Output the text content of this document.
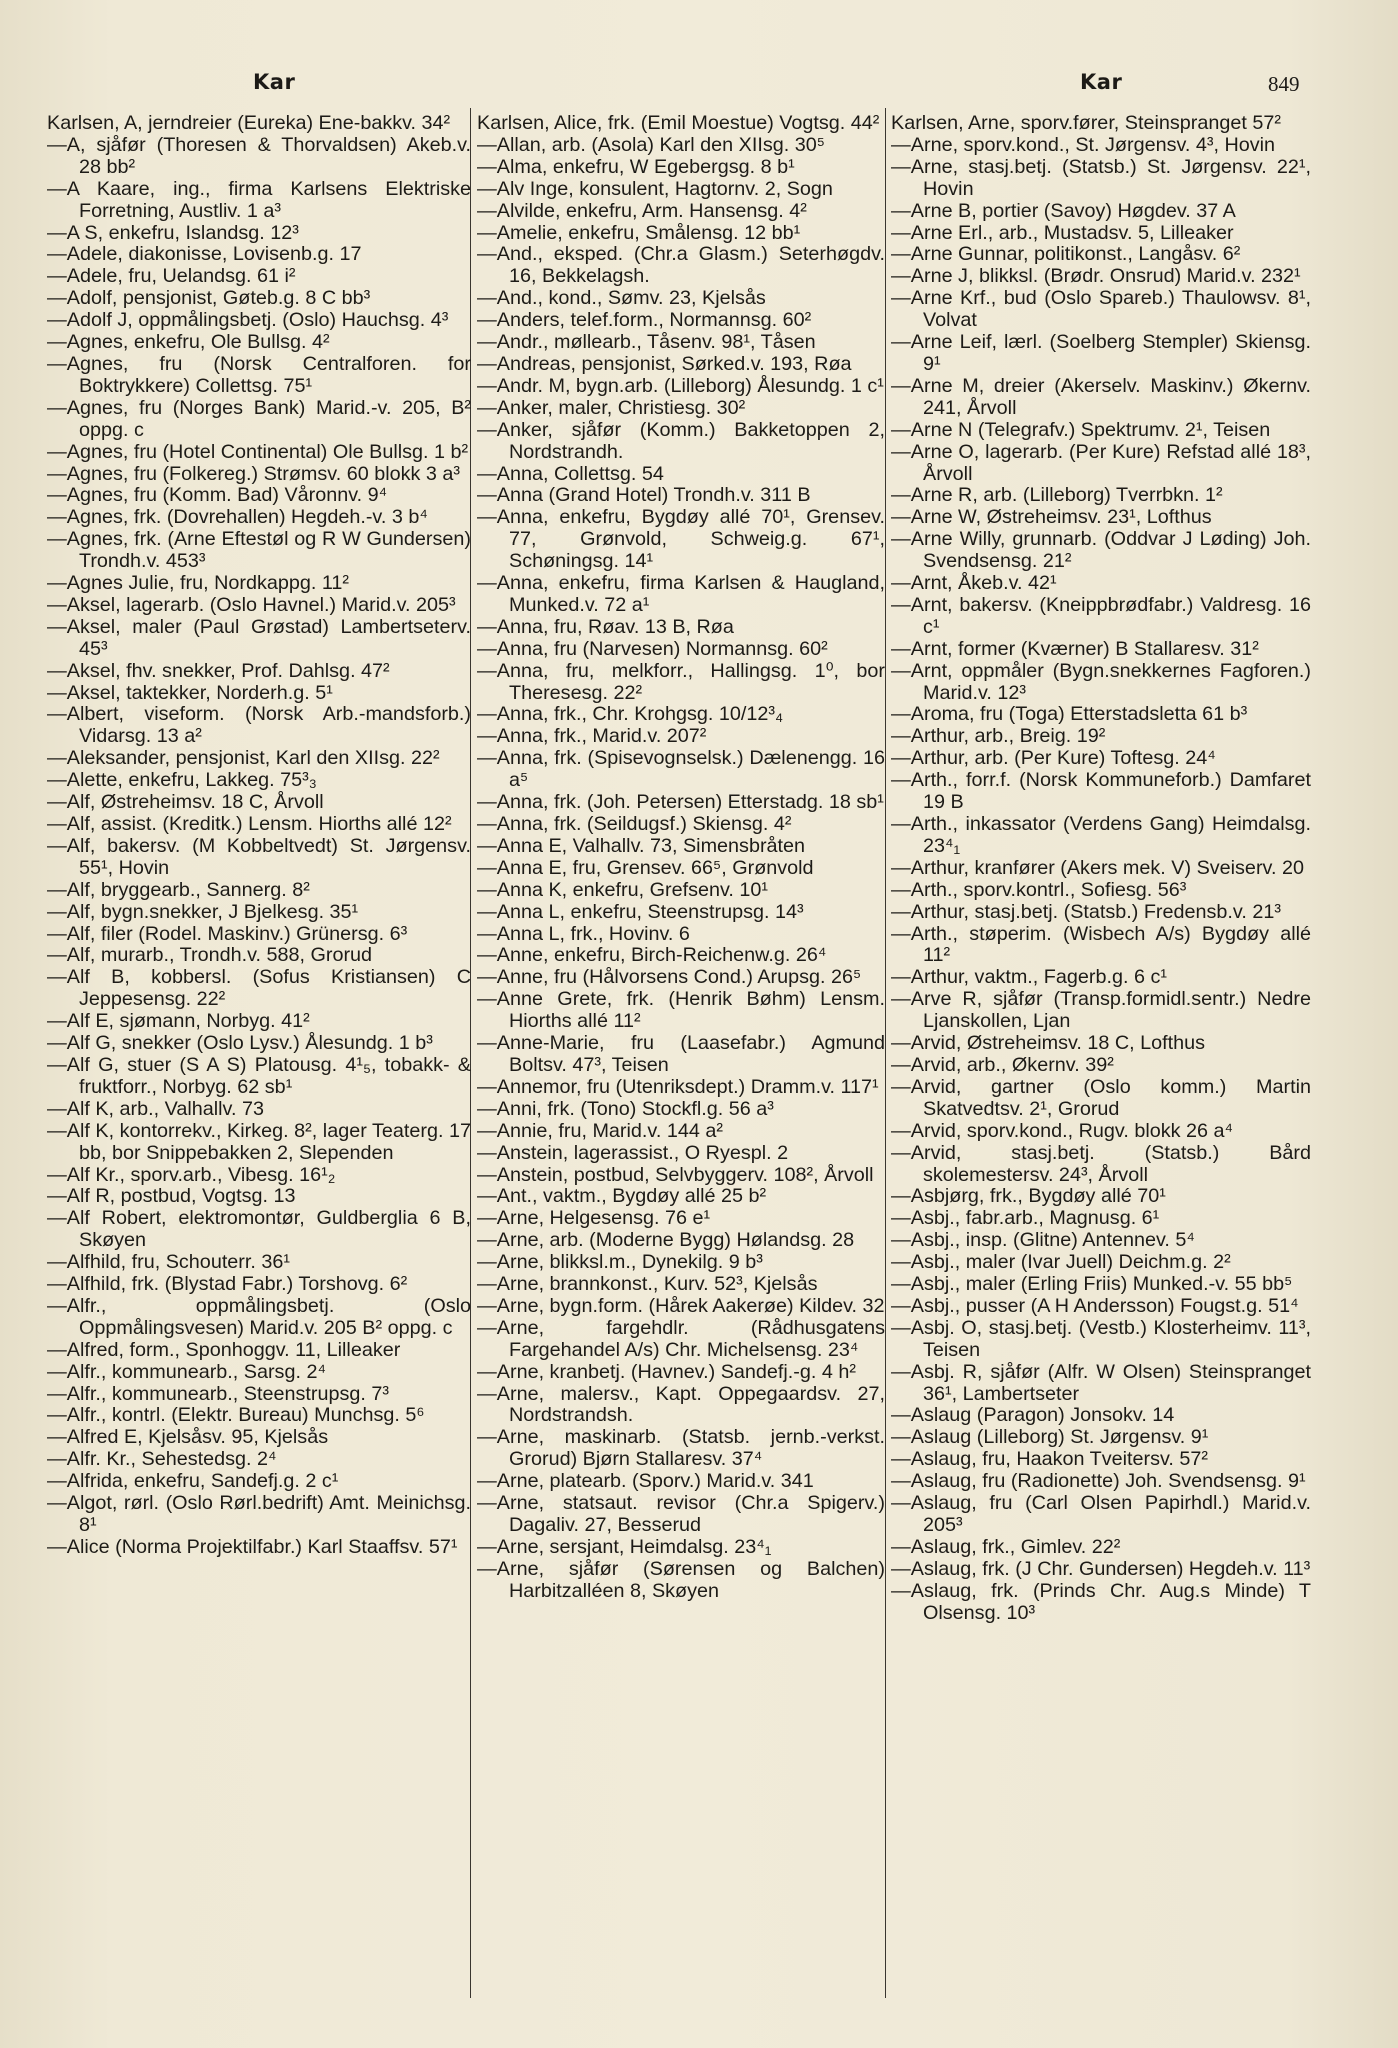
Kar	Kar	849

Karlsen, A, jerndreier (Eureka) Ene-bakkv. 34²

—A, sjåfør (Thoresen & Thorvaldsen) Akeb.v. 28 bb²

—A Kaare, ing., firma Karlsens Elektriske Forretning, Austliv. 1 a³

—A S, enkefru, Islandsg. 12³

—Adele, diakonisse, Lovisenb.g. 17

—Adele, fru, Uelandsg. 61 i²

—Adolf, pensjonist, Gøteb.g. 8 C bb³

—Adolf J, oppmålingsbetj. (Oslo) Hauchsg. 4³

—Agnes, enkefru, Ole Bullsg. 4²

—Agnes, fru (Norsk Centralforen. for Boktrykkere) Collettsg. 75¹

—Agnes, fru (Norges Bank) Marid.-v. 205, B² oppg. c

—Agnes, fru (Hotel Continental) Ole Bullsg. 1 b²

—Agnes, fru (Folkereg.) Strømsv. 60 blokk 3 a³

—Agnes, fru (Komm. Bad) Våronnv. 9⁴

—Agnes, frk. (Dovrehallen) Hegdeh.-v. 3 b⁴

—Agnes, frk. (Arne Eftestøl og R W Gundersen) Trondh.v. 453³

—Agnes Julie, fru, Nordkappg. 11²

—Aksel, lagerarb. (Oslo Havnel.) Marid.v. 205³

—Aksel, maler (Paul Grøstad) Lambertseterv. 45³

—Aksel, fhv. snekker, Prof. Dahlsg. 47²

—Aksel, taktekker, Norderh.g. 5¹

—Albert, viseform. (Norsk Arb.-mandsforb.) Vidarsg. 13 a²

—Aleksander, pensjonist, Karl den XIIsg. 22²

—Alette, enkefru, Lakkeg. 75³₃

—Alf, Østreheimsv. 18 C, Årvoll

—Alf, assist. (Kreditk.) Lensm. Hiorths allé 12²

—Alf, bakersv. (M Kobbeltvedt) St. Jørgensv. 55¹, Hovin

—Alf, bryggearb., Sannerg. 8²

—Alf, bygn.snekker, J Bjelkesg. 35¹

—Alf, filer (Rodel. Maskinv.) Grünersg. 6³

—Alf, murarb., Trondh.v. 588, Grorud

—Alf B, kobbersl. (Sofus Kristiansen) C Jeppesensg. 22²

—Alf E, sjømann, Norbyg. 41²

—Alf G, snekker (Oslo Lysv.) Ålesundg. 1 b³

—Alf G, stuer (S A S) Platousg. 4¹₅, tobakk- & fruktforr., Norbyg. 62 sb¹

—Alf K, arb., Valhallv. 73

—Alf K, kontorrekv., Kirkeg. 8², lager Teaterg. 17 bb, bor Snippebakken 2, Slependen

—Alf Kr., sporv.arb., Vibesg. 16¹₂

—Alf R, postbud, Vogtsg. 13

—Alf Robert, elektromontør, Guldberglia 6 B, Skøyen

—Alfhild, fru, Schouterr. 36¹

—Alfhild, frk. (Blystad Fabr.) Torshovg. 6²

—Alfr., oppmålingsbetj. (Oslo Oppmålingsvesen) Marid.v. 205 B² oppg. c

—Alfred, form., Sponhoggv. 11, Lilleaker

—Alfr., kommunearb., Sarsg. 2⁴

—Alfr., kommunearb., Steenstrupsg. 7³

—Alfr., kontrl. (Elektr. Bureau) Munchsg. 5⁶

—Alfred E, Kjelsåsv. 95, Kjelsås

—Alfr. Kr., Sehestedsg. 2⁴

—Alfrida, enkefru, Sandefj.g. 2 c¹

—Algot, rørl. (Oslo Rørl.bedrift) Amt. Meinichsg. 8¹

—Alice (Norma Projektilfabr.) Karl Staaffsv. 57¹

Karlsen, Alice, frk. (Emil Moestue) Vogtsg. 44²

—Allan, arb. (Asola) Karl den XIIsg. 30⁵

—Alma, enkefru, W Egebergsg. 8 b¹

—Alv Inge, konsulent, Hagtornv. 2, Sogn

—Alvilde, enkefru, Arm. Hansensg. 4²

—Amelie, enkefru, Smålensg. 12 bb¹

—And., eksped. (Chr.a Glasm.) Seterhøgdv. 16, Bekkelagsh.

—And., kond., Sømv. 23, Kjelsås

—Anders, telef.form., Normannsg. 60²

—Andr., møllearb., Tåsenv. 98¹, Tåsen

—Andreas, pensjonist, Sørked.v. 193, Røa

—Andr. M, bygn.arb. (Lilleborg) Ålesundg. 1 c¹

—Anker, maler, Christiesg. 30²

—Anker, sjåfør (Komm.) Bakketoppen 2, Nordstrandh.

—Anna, Collettsg. 54

—Anna (Grand Hotel) Trondh.v. 311 B

—Anna, enkefru, Bygdøy allé 70¹, Grensev. 77, Grønvold, Schweig.g. 67¹, Schøningsg. 14¹

—Anna, enkefru, firma Karlsen & Haugland, Munked.v. 72 a¹

—Anna, fru, Røav. 13 B, Røa

—Anna, fru (Narvesen) Normannsg. 60²

—Anna, fru, melkforr., Hallingsg. 1⁰, bor Theresesg. 22²

—Anna, frk., Chr. Krohgsg. 10/12³₄

—Anna, frk., Marid.v. 207²

—Anna, frk. (Spisevognselsk.) Dælenengg. 16 a⁵

—Anna, frk. (Joh. Petersen) Etterstadg. 18 sb¹

—Anna, frk. (Seildugsf.) Skiensg. 4²

—Anna E, Valhallv. 73, Simensbråten

—Anna E, fru, Grensev. 66⁵, Grønvold

—Anna K, enkefru, Grefsenv. 10¹

—Anna L, enkefru, Steenstrupsg. 14³

—Anna L, frk., Hovinv. 6

—Anne, enkefru, Birch-Reichenw.g. 26⁴

—Anne, fru (Hålvorsens Cond.) Arupsg. 26⁵

—Anne Grete, frk. (Henrik Bøhm) Lensm. Hiorths allé 11²

—Anne-Marie, fru (Laasefabr.) Agmund Boltsv. 47³, Teisen

—Annemor, fru (Utenriksdept.) Dramm.v. 117¹

—Anni, frk. (Tono) Stockfl.g. 56 a³

—Annie, fru, Marid.v. 144 a²

—Anstein, lagerassist., O Ryespl. 2

—Anstein, postbud, Selvbyggerv. 108², Årvoll

—Ant., vaktm., Bygdøy allé 25 b²

—Arne, Helgesensg. 76 e¹

—Arne, arb. (Moderne Bygg) Hølandsg. 28

—Arne, blikksl.m., Dynekilg. 9 b³

—Arne, brannkonst., Kurv. 52³, Kjelsås

—Arne, bygn.form. (Hårek Aakerøe) Kildev. 32

—Arne, fargehdlr. (Rådhusgatens Fargehandel A/s) Chr. Michelsensg. 23⁴

—Arne, kranbetj. (Havnev.) Sandefj.-g. 4 h²

—Arne, malersv., Kapt. Oppegaardsv. 27, Nordstrandsh.

—Arne, maskinarb. (Statsb. jernb.-verkst. Grorud) Bjørn Stallaresv. 37⁴

—Arne, platearb. (Sporv.) Marid.v. 341

—Arne, statsaut. revisor (Chr.a Spigerv.) Dagaliv. 27, Besserud

—Arne, sersjant, Heimdalsg. 23⁴₁

—Arne, sjåfør (Sørensen og Balchen) Harbitzalléen 8, Skøyen

Karlsen, Arne, sporv.fører, Steinspranget 57²

—Arne, sporv.kond., St. Jørgensv. 4³, Hovin

—Arne, stasj.betj. (Statsb.) St. Jørgensv. 22¹, Hovin

—Arne B, portier (Savoy) Høgdev. 37 A

—Arne Erl., arb., Mustadsv. 5, Lilleaker

—Arne Gunnar, politikonst., Langåsv. 6²

—Arne J, blikksl. (Brødr. Onsrud) Marid.v. 232¹

—Arne Krf., bud (Oslo Spareb.) Thaulowsv. 8¹, Volvat

—Arne Leif, lærl. (Soelberg Stempler) Skiensg. 9¹

—Arne M, dreier (Akerselv. Maskinv.) Økernv. 241, Årvoll

—Arne N (Telegrafv.) Spektrumv. 2¹, Teisen

—Arne O, lagerarb. (Per Kure) Refstad allé 18³, Årvoll

—Arne R, arb. (Lilleborg) Tverrbkn. 1²

—Arne W, Østreheimsv. 23¹, Lofthus

—Arne Willy, grunnarb. (Oddvar J Løding) Joh. Svendsensg. 21²

—Arnt, Åkeb.v. 42¹

—Arnt, bakersv. (Kneippbrødfabr.) Valdresg. 16 c¹

—Arnt, former (Kværner) B Stallaresv. 31²

—Arnt, oppmåler (Bygn.snekkernes Fagforen.) Marid.v. 12³

—Aroma, fru (Toga) Etterstadsletta 61 b³

—Arthur, arb., Breig. 19²

—Arthur, arb. (Per Kure) Toftesg. 24⁴

—Arth., forr.f. (Norsk Kommuneforb.) Damfaret 19 B

—Arth., inkassator (Verdens Gang) Heimdalsg. 23⁴₁

—Arthur, kranfører (Akers mek. V) Sveiserv. 20

—Arth., sporv.kontrl., Sofiesg. 56³

—Arthur, stasj.betj. (Statsb.) Fredensb.v. 21³

—Arth., støperim. (Wisbech A/s) Bygdøy allé 11²

—Arthur, vaktm., Fagerb.g. 6 c¹

—Arve R, sjåfør (Transp.formidl.sentr.) Nedre Ljanskollen, Ljan

—Arvid, Østreheimsv. 18 C, Lofthus

—Arvid, arb., Økernv. 39²

—Arvid, gartner (Oslo komm.) Martin Skatvedtsv. 2¹, Grorud

—Arvid, sporv.kond., Rugv. blokk 26 a⁴

—Arvid, stasj.betj. (Statsb.) Bård skolemestersv. 24³, Årvoll

—Asbjørg, frk., Bygdøy allé 70¹

—Asbj., fabr.arb., Magnusg. 6¹

—Asbj., insp. (Glitne) Antennev. 5⁴

—Asbj., maler (Ivar Juell) Deichm.g. 2²

—Asbj., maler (Erling Friis) Munked.-v. 55 bb⁵

—Asbj., pusser (A H Andersson) Fougst.g. 51⁴

—Asbj. O, stasj.betj. (Vestb.) Klosterheimv. 11³, Teisen

—Asbj. R, sjåfør (Alfr. W Olsen) Steinspranget 36¹, Lambertseter

—Aslaug (Paragon) Jonsokv. 14

—Aslaug (Lilleborg) St. Jørgensv. 9¹

—Aslaug, fru, Haakon Tveitersv. 57²

—Aslaug, fru (Radionette) Joh. Svendsensg. 9¹

—Aslaug, fru (Carl Olsen Papirhdl.) Marid.v. 205³

—Aslaug, frk., Gimlev. 22²

—Aslaug, frk. (J Chr. Gundersen) Hegdeh.v. 11³

—Aslaug, frk. (Prinds Chr. Aug.s Minde) T Olsensg. 10³
